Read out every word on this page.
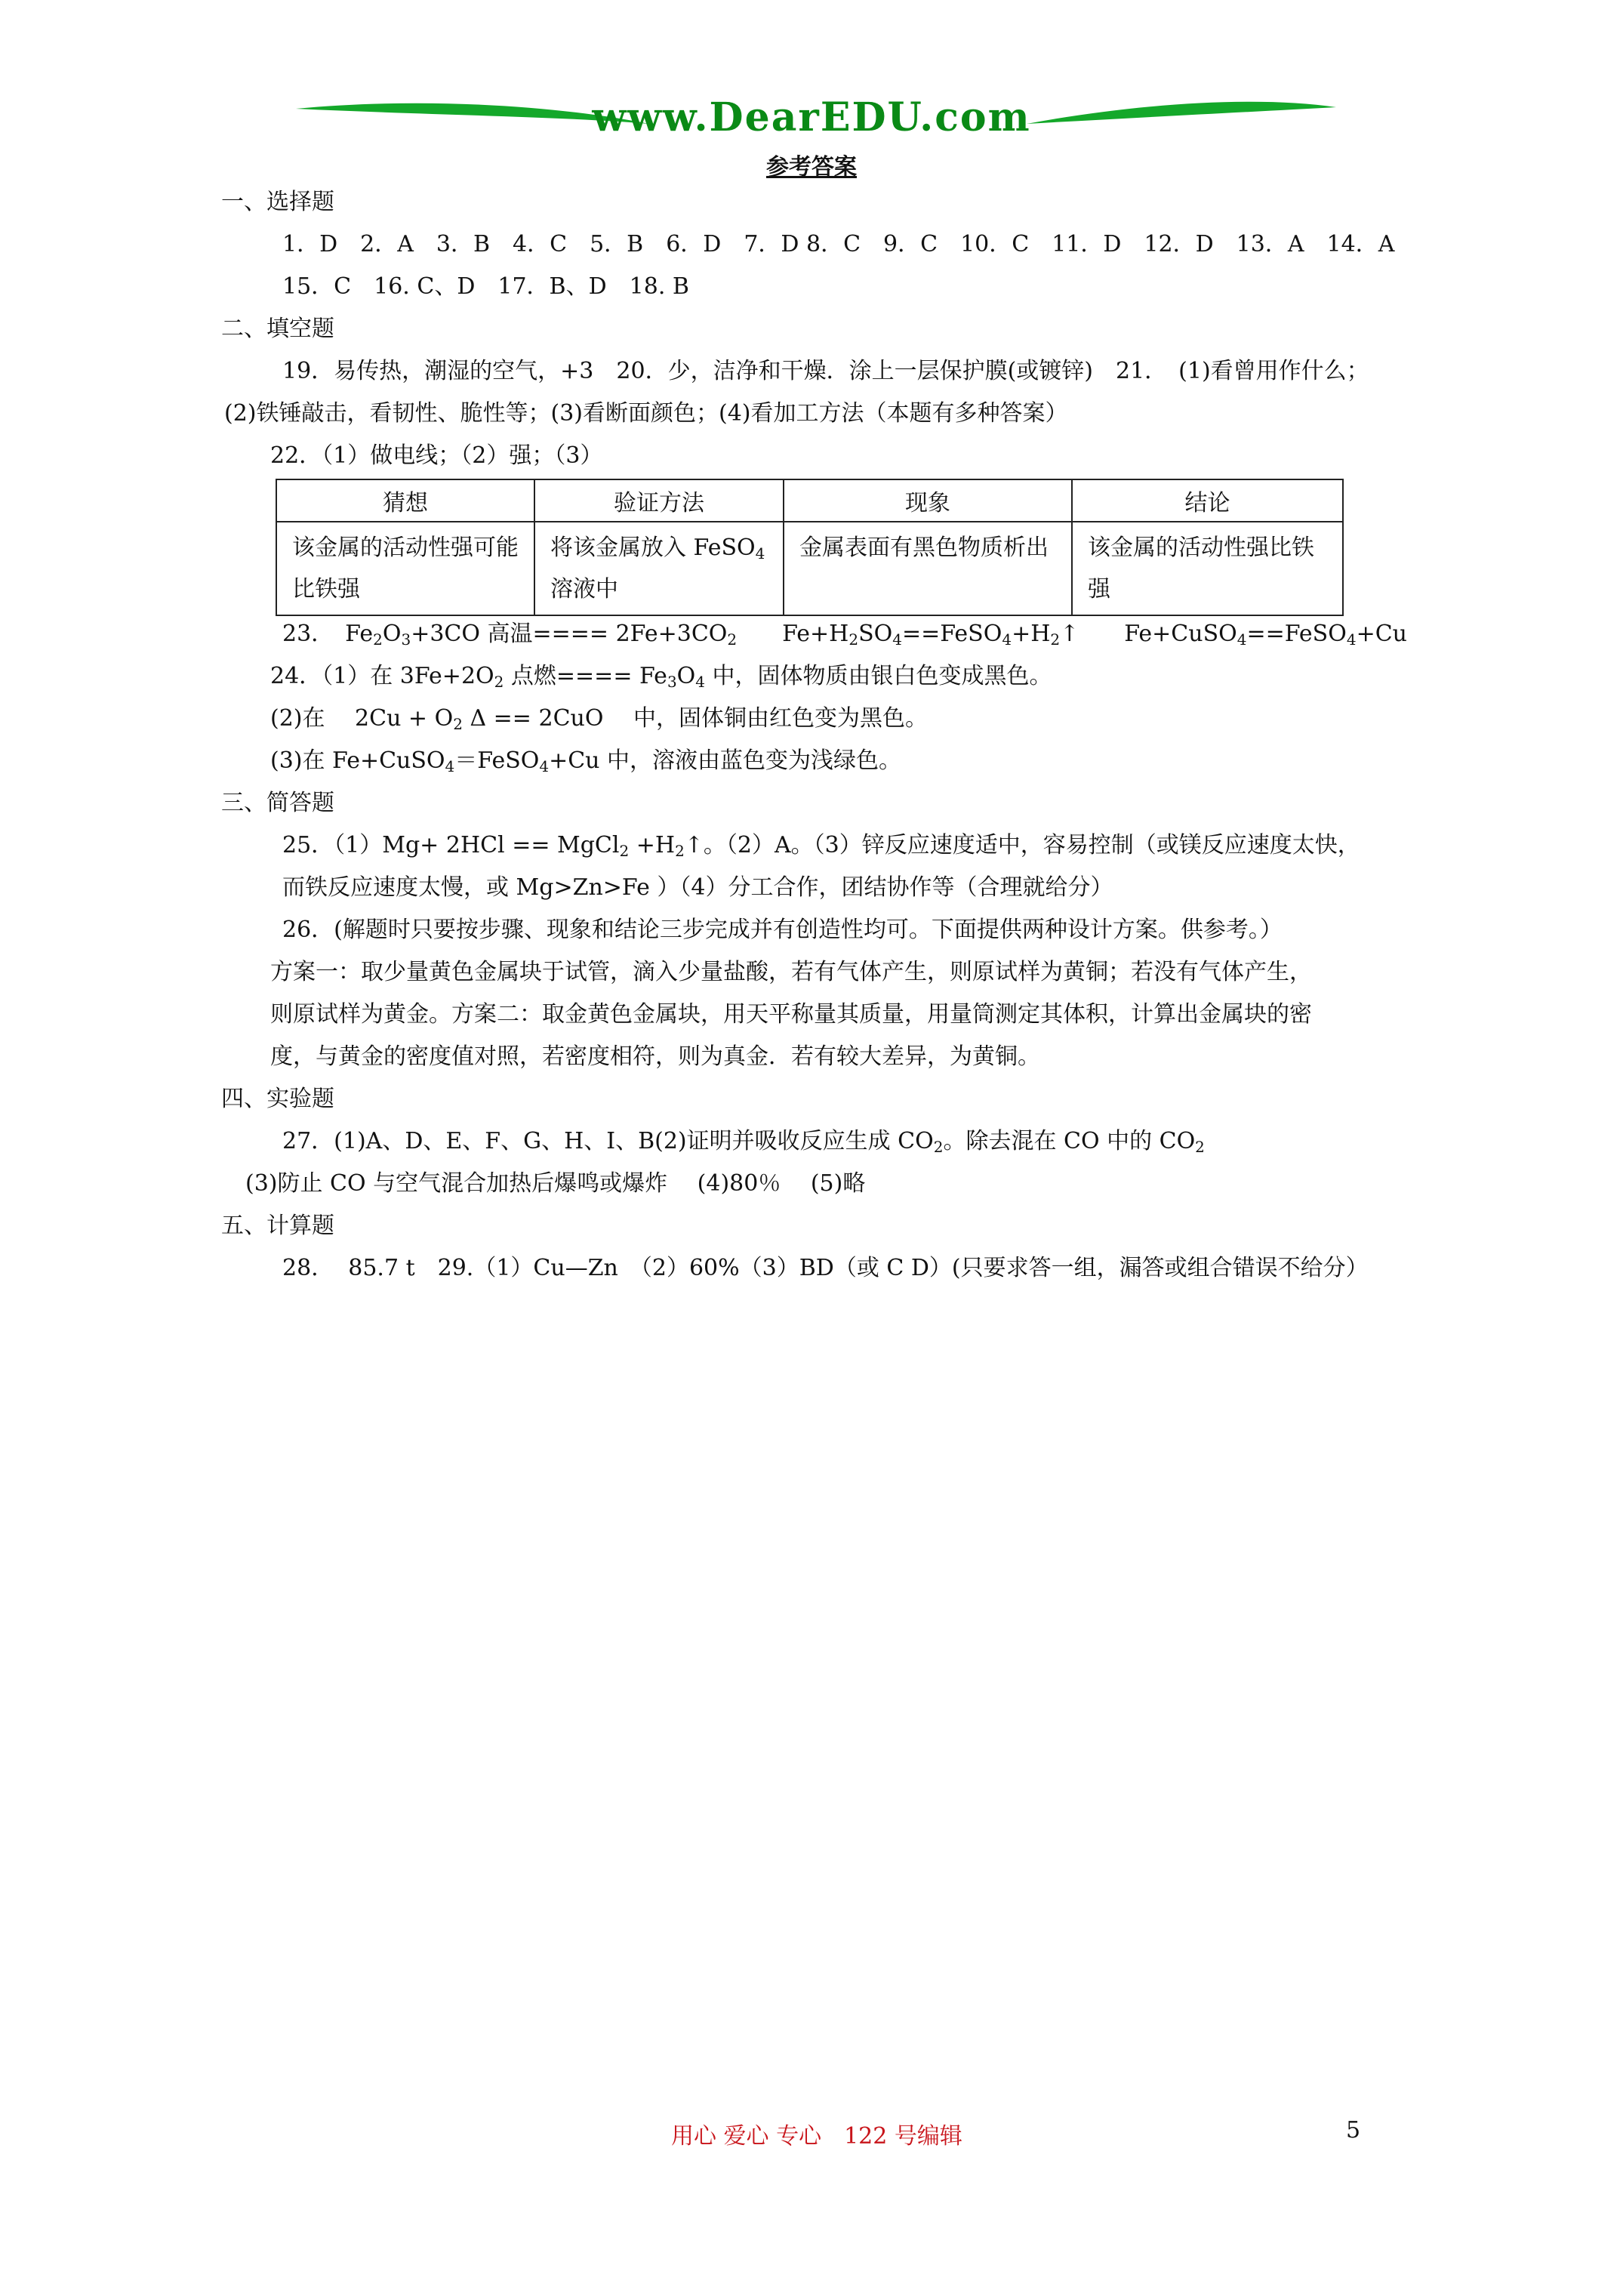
www.DearEDU.com
参考答案
一、选择题
1．D　2．A　3．B　4．C　5．B　6．D　7．D 8．C　9．C　10．C　11．D　12．D　13．A　14．A
15．C　16. C、D　17．B、D　18. B
二、填空题
19．易传热，潮湿的空气，+3　20．少，洁净和干燥．涂上一层保护膜(或镀锌)　21．　(1)看曾用作什么；
(2)铁锤敲击，看韧性、脆性等；(3)看断面颜色；(4)看加工方法（本题有多种答案）
22．（1）做电线；（2）强；（3）
猜想	验证方法	现象	结论
该金属的活动性强可能比铁强	将该金属放入 FeSO$_4$ 溶液中	金属表面有黑色物质析出	该金属的活动性强比铁强
23．　$Fe_2O_3+3CO$ 高温==== $2Fe+3CO_2$　　$Fe+H_2SO_4==FeSO_4+H_2↑$　　Fe+CuSO$_4$==FeSO$_4$+Cu
24．（1）在 $3Fe+2O_2$ 点燃==== $Fe_3O_4$ 中，固体物质由银白色变成黑色。
(2)在　 $2Cu + O_2$ Δ == 2CuO　 中，固体铜由红色变为黑色。
(3)在 Fe+CuSO$_4$＝FeSO$_4$+Cu 中，溶液由蓝色变为浅绿色。
三、简答题
25．（1）Mg+ 2HCl == MgCl$_2$ $+H_2↑$。（2）A。（3）锌反应速度适中，容易控制（或镁反应速度太快，
而铁反应速度太慢，或 Mg>Zn>Fe ）（4）分工合作，团结协作等（合理就给分）
26．(解题时只要按步骤、现象和结论三步完成并有创造性均可。下面提供两种设计方案。供参考。）
方案一：取少量黄色金属块于试管，滴入少量盐酸，若有气体产生，则原试样为黄铜；若没有气体产生，
则原试样为黄金。方案二：取金黄色金属块，用天平称量其质量，用量筒测定其体积，计算出金属块的密
度，与黄金的密度值对照，若密度相符，则为真金．若有较大差异，为黄铜。
四、实验题
27．(1)A、D、E、F、G、H、I、B(2)证明并吸收反应生成 $CO_2$。除去混在 CO 中的 $CO_2$
(3)防止 CO 与空气混合加热后爆鸣或爆炸　 (4)80％　 (5)略
五、计算题
28.　 85.7 t　29.（1）Cu—Zn　（2）60%（3）BD（或 C D）(只要求答一组，漏答或组合错误不给分）
用心 爱心 专心　122 号编辑	5
